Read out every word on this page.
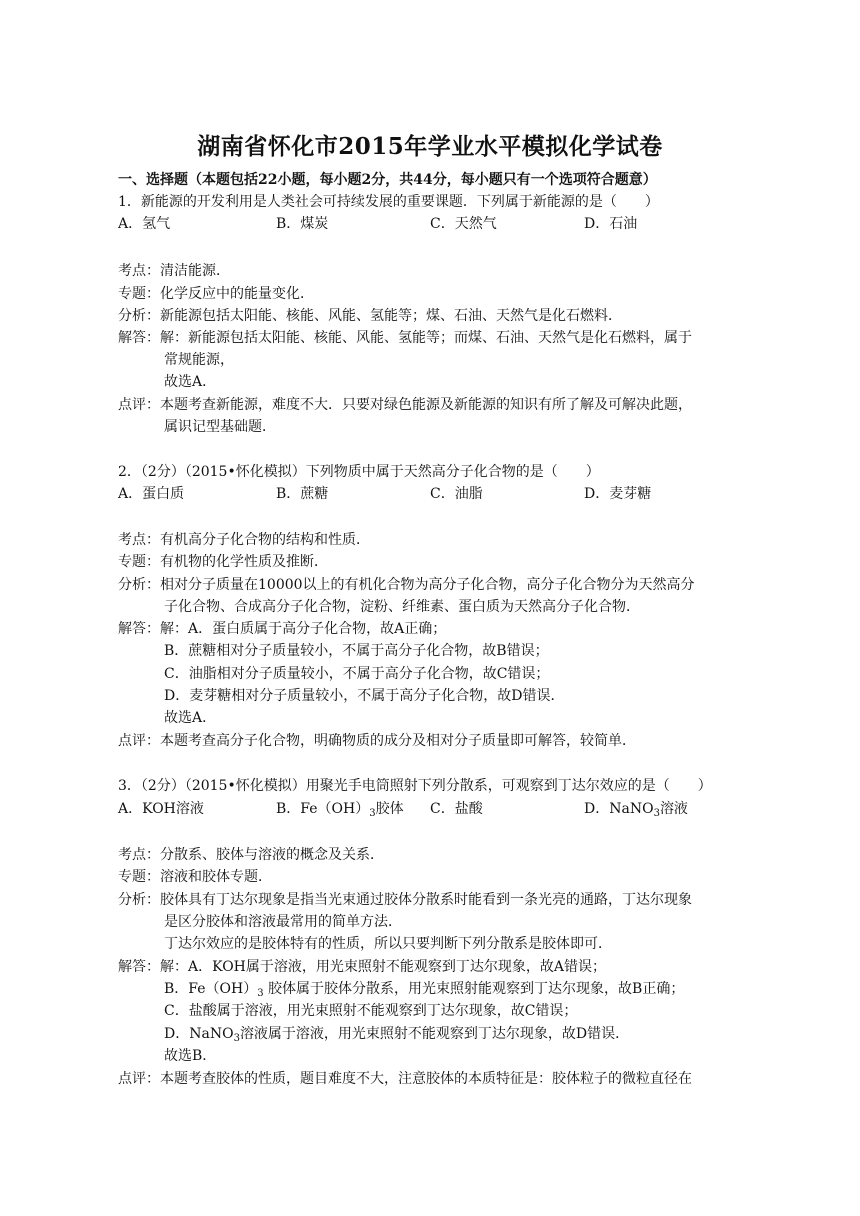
湖南省怀化市2015年学业水平模拟化学试卷
一、选择题（本题包括22小题，每小题2分，共44分，每小题只有一个选项符合题意）
1．新能源的开发利用是人类社会可持续发展的重要课题．下列属于新能源的是（　　）
A．氢气	B．煤炭	C．天然气	D．石油
考点：清洁能源．
专题：化学反应中的能量变化．
分析：新能源包括太阳能、核能、风能、氢能等；煤、石油、天然气是化石燃料．
解答：解：新能源包括太阳能、核能、风能、氢能等；而煤、石油、天然气是化石燃料，属于
常规能源，
故选A．
点评：本题考查新能源，难度不大．只要对绿色能源及新能源的知识有所了解及可解决此题，
属识记型基础题．
2．（2分）（2015•怀化模拟）下列物质中属于天然高分子化合物的是（　　）
A．蛋白质	B．蔗糖	C．油脂	D．麦芽糖
考点：有机高分子化合物的结构和性质．
专题：有机物的化学性质及推断．
分析：相对分子质量在10000以上的有机化合物为高分子化合物，高分子化合物分为天然高分
子化合物、合成高分子化合物，淀粉、纤维素、蛋白质为天然高分子化合物．
解答：解：A．蛋白质属于高分子化合物，故A正确；
B．蔗糖相对分子质量较小，不属于高分子化合物，故B错误；
C．油脂相对分子质量较小，不属于高分子化合物，故C错误；
D．麦芽糖相对分子质量较小，不属于高分子化合物，故D错误．
故选A．
点评：本题考查高分子化合物，明确物质的成分及相对分子质量即可解答，较简单．
3．（2分）（2015•怀化模拟）用聚光手电筒照射下列分散系，可观察到丁达尔效应的是（　　）
A．KOH溶液	B．$Fe(OH)_3$胶体 C．盐酸	D．NaNO$_3$溶液
考点：分散系、胶体与溶液的概念及关系．
专题：溶液和胶体专题．
分析：胶体具有丁达尔现象是指当光束通过胶体分散系时能看到一条光亮的通路，丁达尔现象
是区分胶体和溶液最常用的简单方法．
丁达尔效应的是胶体特有的性质，所以只要判断下列分散系是胶体即可．
解答：解：A．KOH属于溶液，用光束照射不能观察到丁达尔现象，故A错误；
B．$Fe(OH)_3$ 胶体属于胶体分散系，用光束照射能观察到丁达尔现象，故B正确；
C．盐酸属于溶液，用光束照射不能观察到丁达尔现象，故C错误；
D．NaNO$_3$溶液属于溶液，用光束照射不能观察到丁达尔现象，故D错误．
故选B．
点评：本题考查胶体的性质，题目难度不大，注意胶体的本质特征是：胶体粒子的微粒直径在
